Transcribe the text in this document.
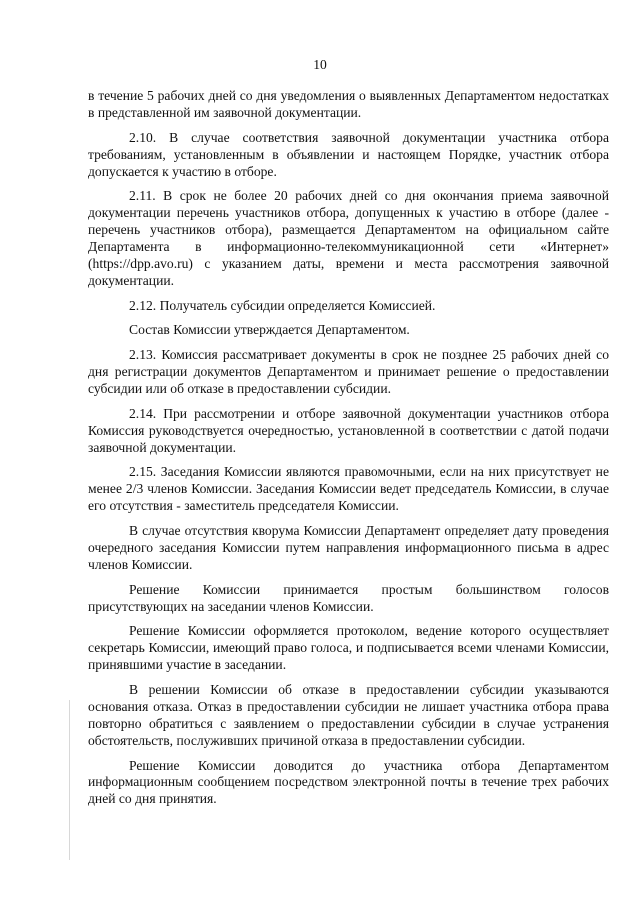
10

в течение 5 рабочих дней со дня уведомления о выявленных Департаментом недостатках в представленной им заявочной документации.

2.10. В случае соответствия заявочной документации участника отбора требованиям, установленным в объявлении и настоящем Порядке, участник отбора допускается к участию в отборе.

2.11. В срок не более 20 рабочих дней со дня окончания приема заявочной документации перечень участников отбора, допущенных к участию в отборе (далее - перечень участников отбора), размещается Департаментом на официальном сайте Департамента в информационно-телекоммуникационной сети «Интернет» (https://dpp.avo.ru) с указанием даты, времени и места рассмотрения заявочной документации.

2.12. Получатель субсидии определяется Комиссией.

Состав Комиссии утверждается Департаментом.

2.13. Комиссия рассматривает документы в срок не позднее 25 рабочих дней со дня регистрации документов Департаментом и принимает решение о предоставлении субсидии или об отказе в предоставлении субсидии.

2.14. При рассмотрении и отборе заявочной документации участников отбора Комиссия руководствуется очередностью, установленной в соответствии с датой подачи заявочной документации.

2.15. Заседания Комиссии являются правомочными, если на них присутствует не менее 2/3 членов Комиссии. Заседания Комиссии ведет председатель Комиссии, в случае его отсутствия - заместитель председателя Комиссии.

В случае отсутствия кворума Комиссии Департамент определяет дату проведения очередного заседания Комиссии путем направления информационного письма в адрес членов Комиссии.

Решение Комиссии принимается простым большинством голосов присутствующих на заседании членов Комиссии.

Решение Комиссии оформляется протоколом, ведение которого осуществляет секретарь Комиссии, имеющий право голоса, и подписывается всеми членами Комиссии, принявшими участие в заседании.

В решении Комиссии об отказе в предоставлении субсидии указываются основания отказа. Отказ в предоставлении субсидии не лишает участника отбора права повторно обратиться с заявлением о предоставлении субсидии в случае устранения обстоятельств, послуживших причиной отказа в предоставлении субсидии.

Решение Комиссии доводится до участника отбора Департаментом информационным сообщением посредством электронной почты в течение трех рабочих дней со дня принятия.
